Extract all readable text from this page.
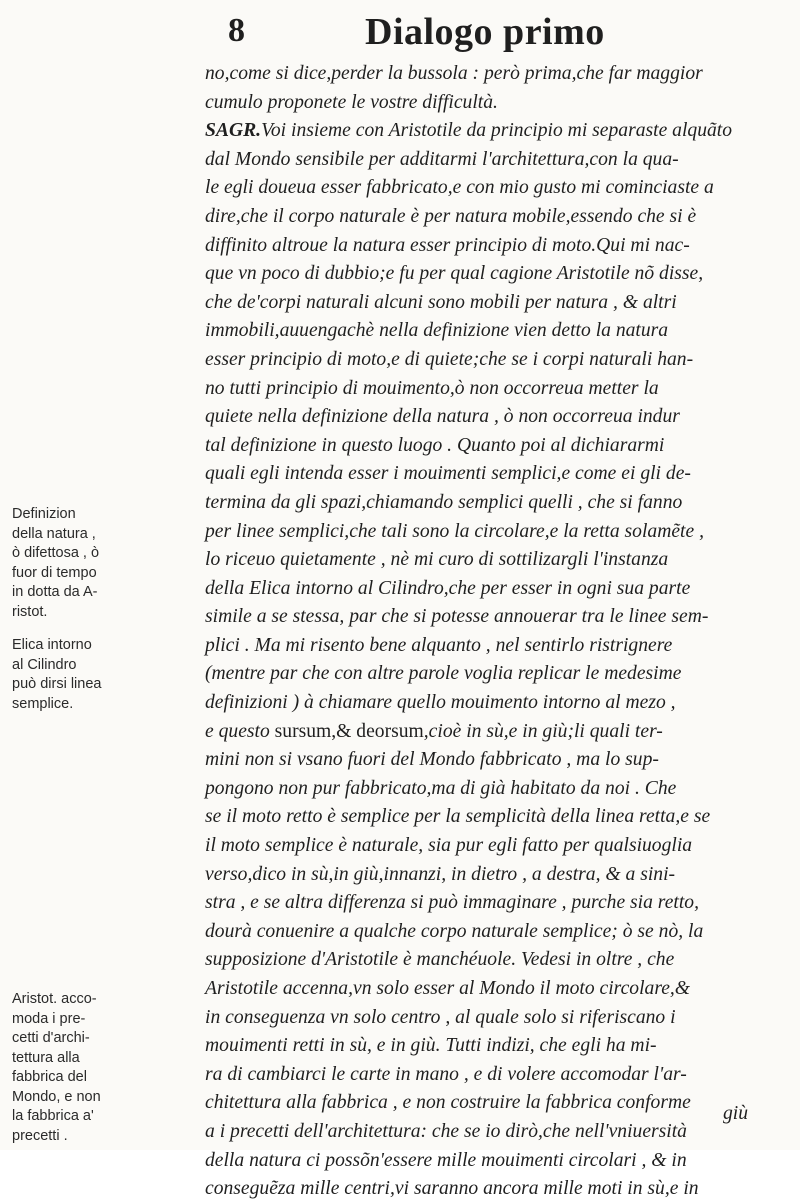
8	Dialogo primo

no,come si dice,perder la bussola : però prima,che far maggior

cumulo proponete le vostre difficultà.

SAGR.Voi insieme con Aristotile da principio mi separaste alquãto

dal Mondo sensibile per additarmi l'architettura,con la qua-

le egli doueua esser fabbricato,e con mio gusto mi cominciaste a

dire,che il corpo naturale è per natura mobile,essendo che si è

diffinito altroue la natura esser principio di moto.Qui mi nac-

que vn poco di dubbio;e fu per qual cagione Aristotile nõ disse,

che de'corpi naturali alcuni sono mobili per natura , & altri

immobili,auuengachè nella definizione vien detto la natura

esser principio di moto,e di quiete;che se i corpi naturali han-

no tutti principio di mouimento,ò non occorreua metter la

quiete nella definizione della natura , ò non occorreua indur

tal definizione in questo luogo . Quanto poi al dichiararmi

quali egli intenda esser i mouimenti semplici,e come ei gli de-

termina da gli spazi,chiamando semplici quelli , che si fanno

per linee semplici,che tali sono la circolare,e la retta solamẽte ,

lo riceuo quietamente , nè mi curo di sottilizargli l'instanza

della Elica intorno al Cilindro,che per esser in ogni sua parte

simile a se stessa, par che si potesse annouerar tra le linee sem-

plici . Ma mi risento bene alquanto , nel sentirlo ristrignere

(mentre par che con altre parole voglia replicar le medesime

definizioni ) à chiamare quello mouimento intorno al mezo ,

e questo sursum,& deorsum,cioè in sù,e in giù;li quali ter-

mini non si vsano fuori del Mondo fabbricato , ma lo sup-

pongono non pur fabbricato,ma di già habitato da noi . Che

se il moto retto è semplice per la semplicità della linea retta,e se

il moto semplice è naturale, sia pur egli fatto per qualsiuoglia

verso,dico in sù,in giù,innanzi, in dietro , a destra, & a sini-

stra , e se altra differenza si può immaginare , purche sia retto,

dourà conuenire a qualche corpo naturale semplice; ò se nò, la

supposizione d'Aristotile è manchéuole. Vedesi in oltre , che

Aristotile accenna,vn solo esser al Mondo il moto circolare,&

in conseguenza vn solo centro , al quale solo si riferiscano i

mouimenti retti in sù, e in giù. Tutti indizi, che egli ha mi-

ra di cambiarci le carte in mano , e di volere accomodar l'ar-

chitettura alla fabbrica , e non costruire la fabbrica conforme

a i precetti dell'architettura: che se io dirò,che nell'vniuersità

della natura ci possõn'essere mille mouimenti circolari , & in

conseguẽza mille centri,vi saranno ancora mille moti in sù,e in

giù
Definizion
della natura ,
ò difettosa , ò
fuor di tempo
in dotta da A-
ristot.
Elica intorno
al Cilindro
può dirsi linea
semplice.
Aristot. acco-
moda i pre-
cetti d'archi-
tettura alla
fabbrica del
Mondo, e non
la fabbrica a'
precetti .
